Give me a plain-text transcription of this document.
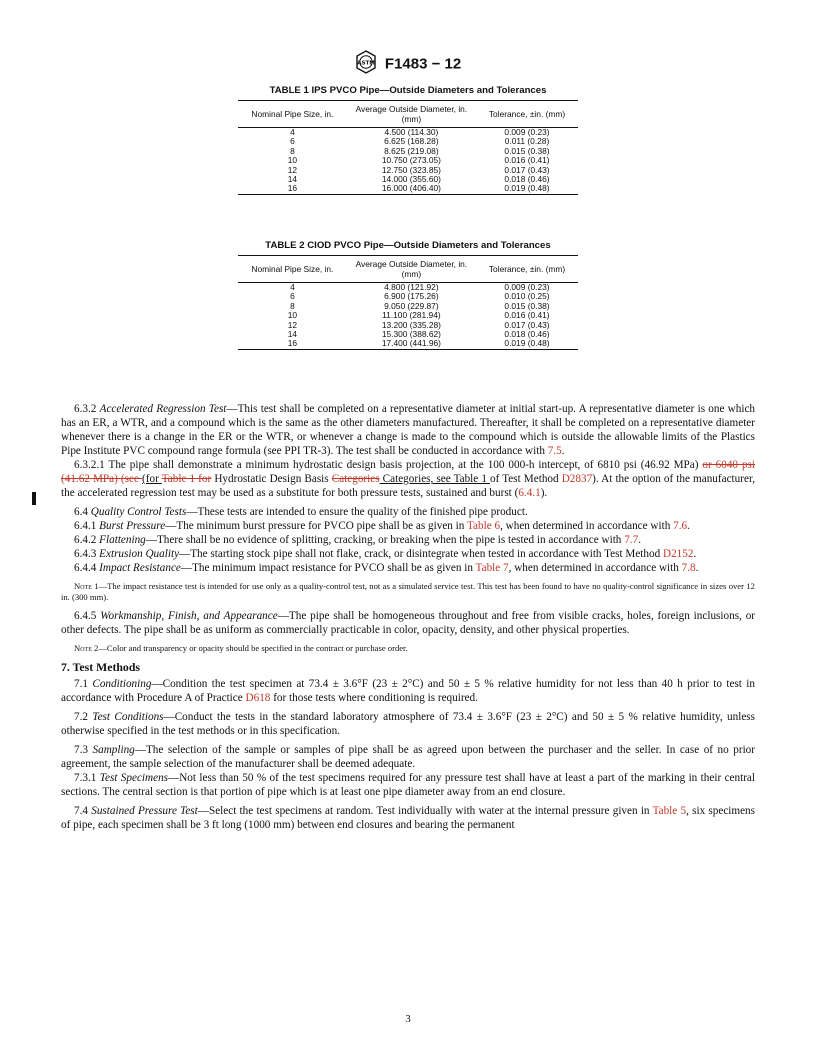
ASTM F1483 − 12
TABLE 1 IPS PVCO Pipe—Outside Diameters and Tolerances
Nominal Pipe Size, in.	Average Outside Diameter, in. (mm)	Tolerance, ±in. (mm)
4	4.500 (114.30)	0.009 (0.23)
6	6.625 (168.28)	0.011 (0.28)
8	8.625 (219.08)	0.015 (0.38)
10	10.750 (273.05)	0.016 (0.41)
12	12.750 (323.85)	0.017 (0.43)
14	14.000 (355.60)	0.018 (0.46)
16	16.000 (406.40)	0.019 (0.48)
TABLE 2 CIOD PVCO Pipe—Outside Diameters and Tolerances
Nominal Pipe Size, in.	Average Outside Diameter, in. (mm)	Tolerance, ±in. (mm)
4	4.800 (121.92)	0.009 (0.23)
6	6.900 (175.26)	0.010 (0.25)
8	9.050 (229.87)	0.015 (0.38)
10	11.100 (281.94)	0.016 (0.41)
12	13.200 (335.28)	0.017 (0.43)
14	15.300 (388.62)	0.018 (0.46)
16	17.400 (441.96)	0.019 (0.48)

6.3.2 Accelerated Regression Test—This test shall be completed on a representative diameter at initial start-up. A representative diameter is one which has an ER, a WTR, and a compound which is the same as the other diameters manufactured. Thereafter, it shall be completed on a representative diameter whenever there is a change in the ER or the WTR, or whenever a change is made to the compound which is outside the allowable limits of the Plastics Pipe Institute PVC compound range formula (see PPI TR-3). The test shall be conducted in accordance with 7.5.

6.3.2.1 The pipe shall demonstrate a minimum hydrostatic design basis projection, at the 100 000-h intercept, of 6810 psi (46.92 MPa) or 6040 psi (41.62 MPa) (see (for Table 1 for Hydrostatic Design Basis Categories Categories, see Table 1 of Test Method D2837). At the option of the manufacturer, the accelerated regression test may be used as a substitute for both pressure tests, sustained and burst (6.4.1).

6.4 Quality Control Tests—These tests are intended to ensure the quality of the finished pipe product.

6.4.1 Burst Pressure—The minimum burst pressure for PVCO pipe shall be as given in Table 6, when determined in accordance with 7.6.

6.4.2 Flattening—There shall be no evidence of splitting, cracking, or breaking when the pipe is tested in accordance with 7.7.

6.4.3 Extrusion Quality—The starting stock pipe shall not flake, crack, or disintegrate when tested in accordance with Test Method D2152.

6.4.4 Impact Resistance—The minimum impact resistance for PVCO shall be as given in Table 7, when determined in accordance with 7.8.

Note 1—The impact resistance test is intended for use only as a quality-control test, not as a simulated service test. This test has been found to have no quality-control significance in sizes over 12 in. (300 mm).

6.4.5 Workmanship, Finish, and Appearance—The pipe shall be homogeneous throughout and free from visible cracks, holes, foreign inclusions, or other defects. The pipe shall be as uniform as commercially practicable in color, opacity, density, and other physical properties.

Note 2—Color and transparency or opacity should be specified in the contract or purchase order.

7. Test Methods

7.1 Conditioning—Condition the test specimen at 73.4 ± 3.6°F (23 ± 2°C) and 50 ± 5 % relative humidity for not less than 40 h prior to test in accordance with Procedure A of Practice D618 for those tests where conditioning is required.

7.2 Test Conditions—Conduct the tests in the standard laboratory atmosphere of 73.4 ± 3.6°F (23 ± 2°C) and 50 ± 5 % relative humidity, unless otherwise specified in the test methods or in this specification.

7.3 Sampling—The selection of the sample or samples of pipe shall be as agreed upon between the purchaser and the seller. In case of no prior agreement, the sample selection of the manufacturer shall be deemed adequate.

7.3.1 Test Specimens—Not less than 50 % of the test specimens required for any pressure test shall have at least a part of the marking in their central sections. The central section is that portion of pipe which is at least one pipe diameter away from an end closure.

7.4 Sustained Pressure Test—Select the test specimens at random. Test individually with water at the internal pressure given in Table 5, six specimens of pipe, each specimen shall be 3 ft long (1000 mm) between end closures and bearing the permanent

3
